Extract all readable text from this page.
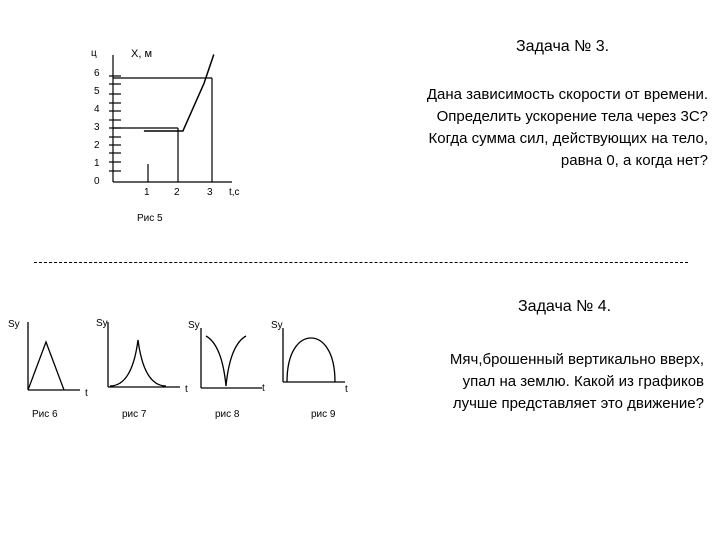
Задача № 3.
Дана зависимость скорости от времени.
Определить ускорение тела через 3С?
Когда сумма сил, действующих на тело,
равна 0, а когда нет?
ц	Х, м
6
5
4
3
2
1
0
1 2	3 t,c
Рис 5
Задача № 4.
Мяч,брошенный вертикально вверх,
упал на землю. Какой из графиков
лучше представляет это движение?
Sy
t
Рис 6
Sy
t
рис 7
Sy
t
рис 8
Sy
t
рис 9
